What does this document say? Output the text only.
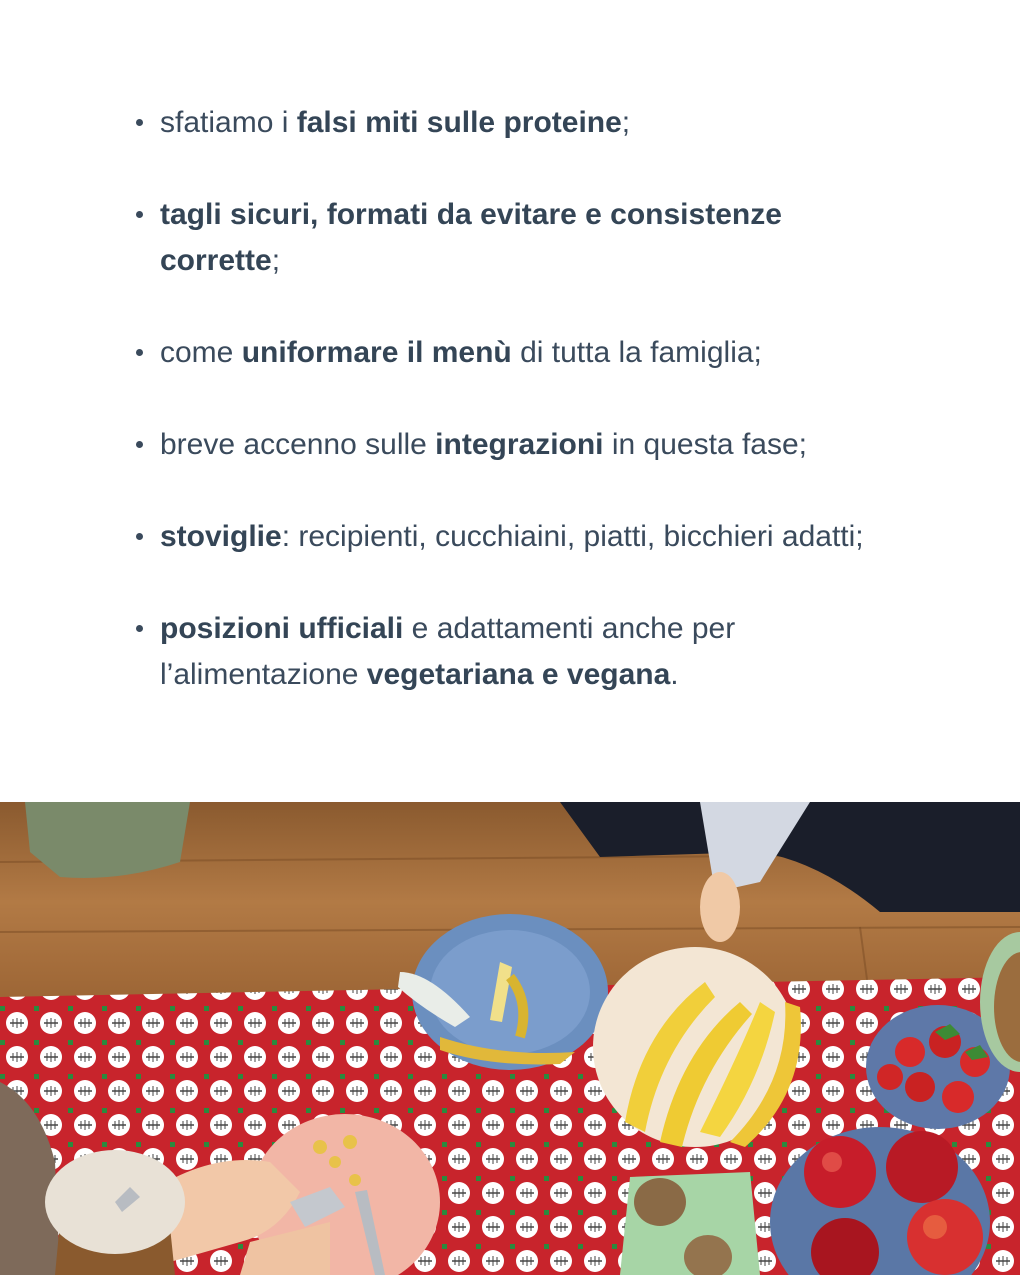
sfatiamo i falsi miti sulle proteine;
tagli sicuri, formati da evitare e consistenze corrette;
come uniformare il menù di tutta la famiglia;
breve accenno sulle integrazioni in questa fase;
stoviglie: recipienti, cucchiaini, piatti, bicchieri adatti;
posizioni ufficiali e adattamenti anche per l’alimentazione vegetariana e vegana.
